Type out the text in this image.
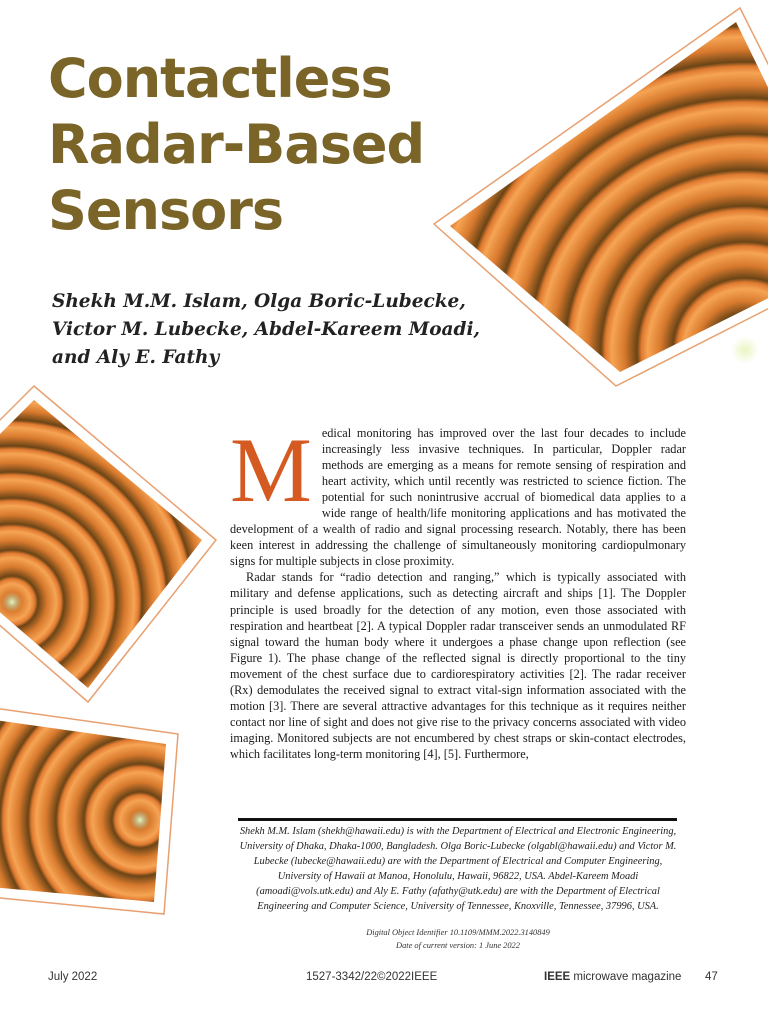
Contactless
Radar-Based
Sensors

Shekh M.M. Islam, Olga Boric-Lubecke,
Victor M. Lubecke, Abdel-Kareem Moadi,
and Aly E. Fathy

Medical monitoring has improved over the last four decades to include increasingly less invasive techniques. In particular, Doppler radar methods are emerging as a means for remote sensing of respiration and heart activity, which until recently was restricted to science fiction. The potential for such nonintrusive accrual of biomedical data applies to a wide range of health/life monitoring applications and has motivated the development of a wealth of radio and signal processing research. Notably, there has been keen interest in addressing the challenge of simultaneously monitoring cardiopulmonary signs for multiple subjects in close proximity.

Radar stands for “radio detection and ranging,” which is typically associated with military and defense applications, such as detecting aircraft and ships [1]. The Doppler principle is used broadly for the detection of any motion, even those associated with respiration and heartbeat [2]. A typical Doppler radar transceiver sends an unmodulated RF signal toward the human body where it undergoes a phase change upon reflection (see Figure 1). The phase change of the reflected signal is directly proportional to the tiny movement of the chest surface due to cardiorespiratory activities [2]. The radar receiver (Rx) demodulates the received signal to extract vital-sign information associated with the motion [3]. There are several attractive advantages for this technique as it requires neither contact nor line of sight and does not give rise to the privacy concerns associated with video imaging. Monitored subjects are not encumbered by chest straps or skin-contact electrodes, which facilitates long-term monitoring [4], [5]. Furthermore,

Shekh M.M. Islam (shekh@hawaii.edu) is with the Department of Electrical and Electronic Engineering, University of Dhaka, Dhaka-1000, Bangladesh. Olga Boric-Lubecke (olgabl@hawaii.edu) and Victor M. Lubecke (lubecke@hawaii.edu) are with the Department of Electrical and Computer Engineering, University of Hawaii at Manoa, Honolulu, Hawaii, 96822, USA. Abdel-Kareem Moadi (amoadi@vols.utk.edu) and Aly E. Fathy (afathy@utk.edu) are with the Department of Electrical Engineering and Computer Science, University of Tennessee, Knoxville, Tennessee, 37996, USA.

Digital Object Identifier 10.1109/MMM.2022.3140849
Date of current version: 1 June 2022

July 2022	1527-3342/22©2022IEEE	IEEE microwave magazine 47
